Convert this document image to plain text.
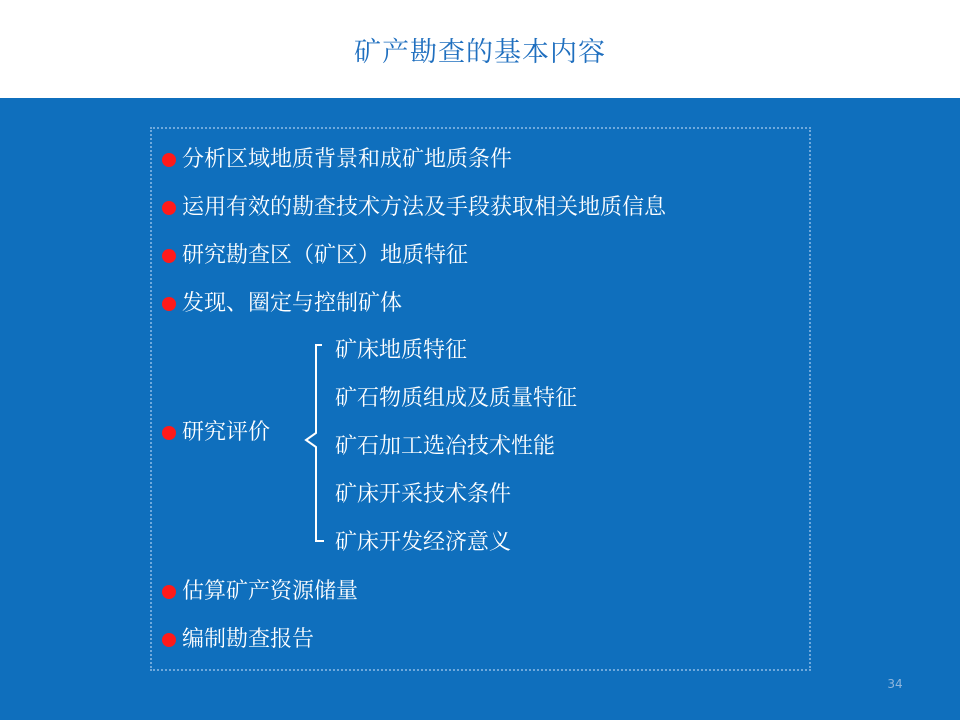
矿产勘查的基本内容
分析区域地质背景和成矿地质条件
运用有效的勘查技术方法及手段获取相关地质信息
研究勘查区（矿区）地质特征
发现、圈定与控制矿体
研究评价
估算矿产资源储量
编制勘查报告
矿床地质特征
矿石物质组成及质量特征
矿石加工选冶技术性能
矿床开采技术条件
矿床开发经济意义
34
